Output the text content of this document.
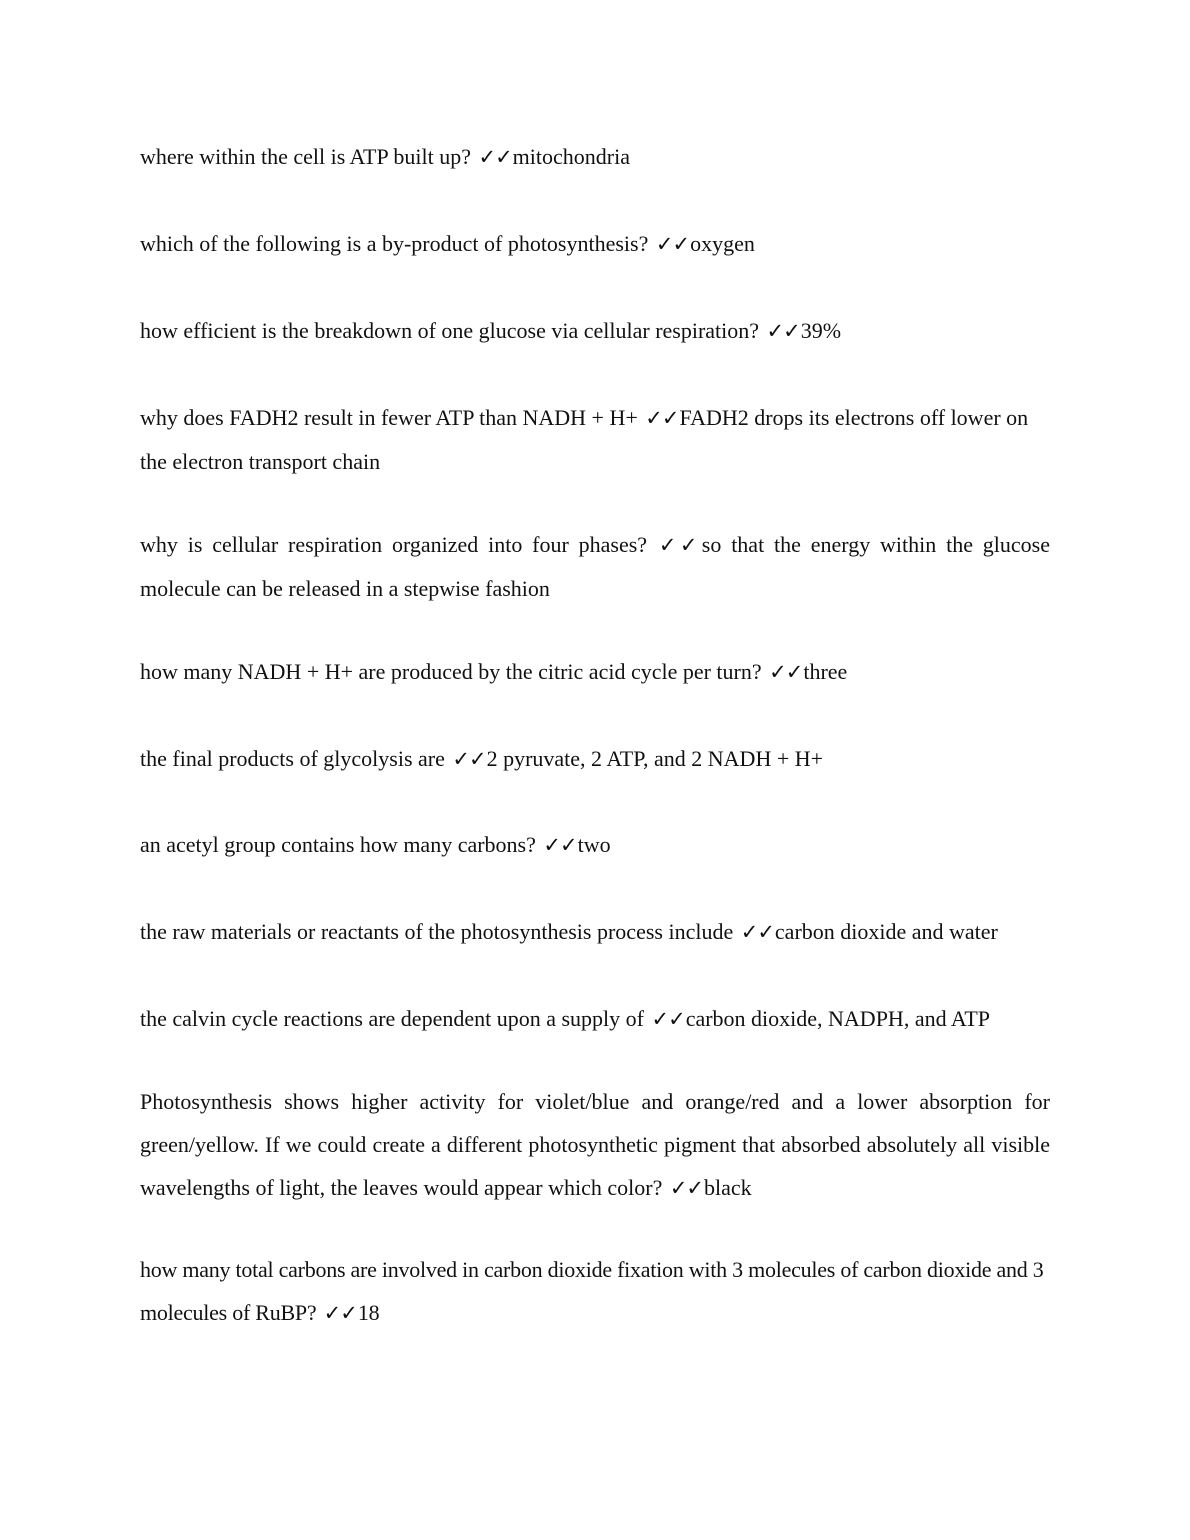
where within the cell is ATP built up? ✓✓mitochondria

which of the following is a by-product of photosynthesis? ✓✓oxygen

how efficient is the breakdown of one glucose via cellular respiration? ✓✓39%

why does FADH2 result in fewer ATP than NADH + H+ ✓✓FADH2 drops its electrons off lower on the electron transport chain

why is cellular respiration organized into four phases? ✓✓so that the energy within the glucose molecule can be released in a stepwise fashion

how many NADH + H+ are produced by the citric acid cycle per turn? ✓✓three

the final products of glycolysis are ✓✓2 pyruvate, 2 ATP, and 2 NADH + H+

an acetyl group contains how many carbons? ✓✓two

the raw materials or reactants of the photosynthesis process include ✓✓carbon dioxide and water

the calvin cycle reactions are dependent upon a supply of ✓✓carbon dioxide, NADPH, and ATP

Photosynthesis shows higher activity for violet/blue and orange/red and a lower absorption for green/yellow. If we could create a different photosynthetic pigment that absorbed absolutely all visible wavelengths of light, the leaves would appear which color? ✓✓black

how many total carbons are involved in carbon dioxide fixation with 3 molecules of carbon dioxide and 3 molecules of RuBP? ✓✓18
